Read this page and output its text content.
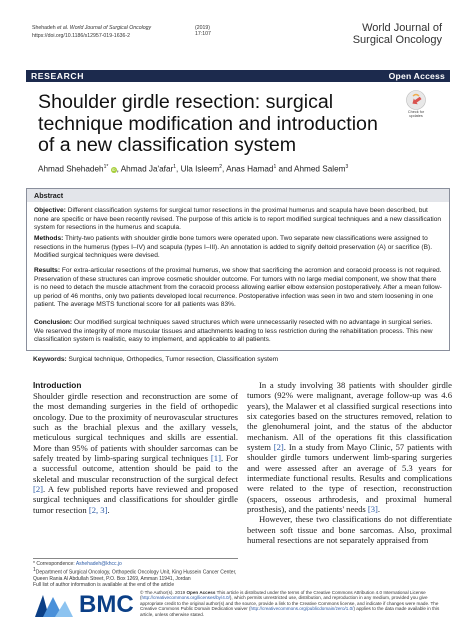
Shehadeh et al. World Journal of Surgical Oncology	(2019) 17:107
https://doi.org/10.1186/s12957-019-1636-2
World Journal of
Surgical Oncology
RESEARCH	Open Access
Shoulder girdle resection: surgical technique modification and introduction of a new classification system
Check for
updates
Ahmad Shehadeh$^{1*}$ iD, Ahmad Ja'afar$^1$, Ula Isleem$^2$, Anas Hamad$^1$ and Ahmed Salem$^3$
Abstract
Objective: Different classification systems for surgical tumor resections in the proximal humerus and scapula have been described, but none are specific or have been recently revised. The purpose of this article is to report modified surgical techniques and a new classification system for resections in the humerus and scapula.
Methods: Thirty-two patients with shoulder girdle bone tumors were operated upon. Two separate new classifications were assigned to resections in the humerus (types I–IV) and scapula (types I–III). An annotation is added to signify deltoid preservation (A) or sacrifice (B). Modified surgical techniques were devised.
Results: For extra-articular resections of the proximal humerus, we show that sacrificing the acromion and coracoid process is not required. Preservation of these structures can improve cosmetic shoulder outcome. For tumors with no large medial component, we show that there is no need to detach the muscle attachment from the coracoid process allowing earlier elbow extension postoperatively. After a mean follow-up period of 46 months, only two patients developed local recurrence. Postoperative infection was seen in two and stem loosening in one patient. The average MSTS functional score for all patients was 83%.
Conclusion: Our modified surgical techniques saved structures which were unnecessarily resected with no advantage in surgical series. We reserved the integrity of more muscular tissues and attachments leading to less restriction during the rehabilitation process. This new classification system is realistic, easy to implement, and applicable to all patients.
Keywords: Surgical technique, Orthopedics, Tumor resection, Classification system
Introduction
Shoulder girdle resection and reconstruction are some of the most demanding surgeries in the field of orthopedic oncology. Due to the proximity of neurovascular structures such as the brachial plexus and the axillary vessels, meticulous surgical techniques and skills are essential. More than 95% of patients with shoulder sarcomas can be safely treated by limb-sparing surgical techniques [1]. For a successful outcome, attention should be paid to the skeletal and muscular reconstruction of the surgical defect [2]. A few published reports have reviewed and proposed surgical techniques and classifications for shoulder girdle tumor resection [2, 3].
* Correspondence: Ashehadeh@khcc.jo
$^1$Department of Surgical Oncology, Orthopedic Oncology Unit, King Hussein Cancer Center, Queen Rania Al Abdullah Street, P.O. Box 1269, Amman 11941, Jordan
Full list of author information is available at the end of the article
In a study involving 38 patients with shoulder girdle tumors (92% were malignant, average follow-up was 4.6 years), the Malawer et al classified surgical resections into six categories based on the structures removed, relation to the glenohumeral joint, and the status of the abductor mechanism. All of the operations fit this classification system [2]. In a study from Mayo Clinic, 57 patients with shoulder girdle tumors underwent limb-sparing surgeries and were assessed after an average of 5.3 years for intermediate functional results. Results and complications were related to the type of resection, reconstruction (spacers, osseous arthrodesis, and proximal humeral prosthesis), and the patients' needs [3].
However, these two classifications do not differentiate between soft tissue and bone sarcomas. Also, proximal humeral resections are not separately appraised from
BMC © The Author(s). 2019 Open Access This article is distributed under the terms of the Creative Commons Attribution 4.0 International License (http://creativecommons.org/licenses/by/4.0/), which permits unrestricted use, distribution, and reproduction in any medium, provided you give appropriate credit to the original author(s) and the source, provide a link to the Creative Commons license, and indicate if changes were made. The Creative Commons Public Domain Dedication waiver (http://creativecommons.org/publicdomain/zero/1.0/) applies to the data made available in this article, unless otherwise stated.
